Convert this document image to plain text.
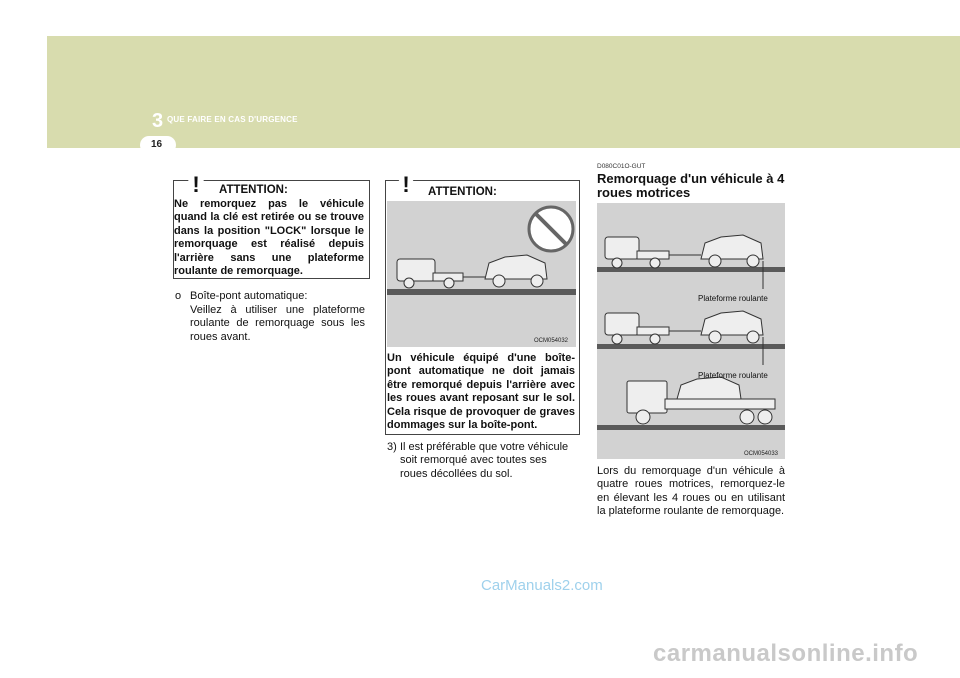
3 QUE FAIRE EN CAS D'URGENCE
16
! ATTENTION:
Ne remorquez pas le véhicule quand la clé est retirée ou se trouve dans la position "LOCK" lorsque le remorquage est réalisé depuis l'arrière sans une plateforme roulante de remorquage.
o Boîte-pont automatique:
Veillez à utiliser une plateforme roulante de remorquage sous les roues avant.
! ATTENTION:
OCM054032
Un véhicule équipé d'une boîte-pont automatique ne doit jamais être remorqué depuis l'arrière avec les roues avant reposant sur le sol. Cela risque de provoquer de graves dommages sur la boîte-pont.
3) Il est préférable que votre véhicule soit remorqué avec toutes ses roues décollées du sol.
D080C01O-GUT
Remorquage d'un véhicule à 4 roues motrices
Plateforme roulante
Plateforme roulante
OCM054033
Lors du remorquage d'un véhicule à quatre roues motrices, remorquez-le en élevant les 4 roues ou en utilisant la plateforme roulante de remorquage.
CarManuals2.com
carmanualsonline.info
